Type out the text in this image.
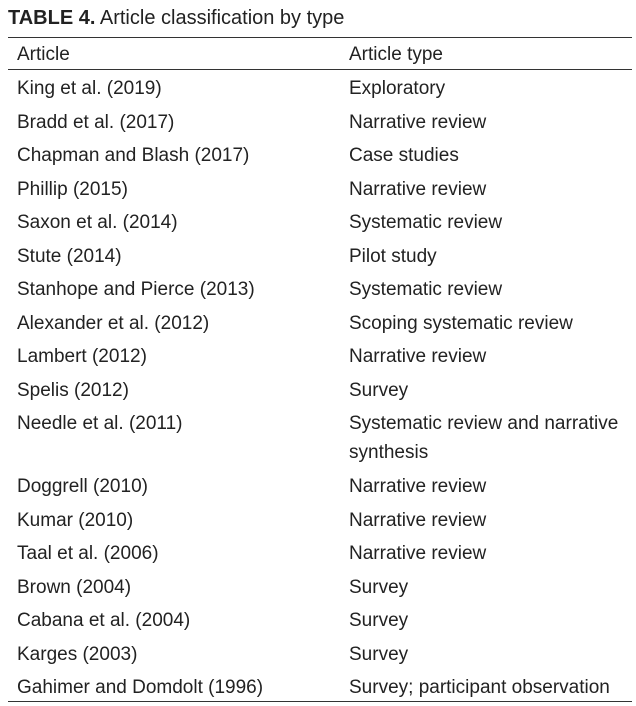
TABLE 4. Article classification by type
Article	Article type
King et al. (2019)	Exploratory
Bradd et al. (2017)	Narrative review
Chapman and Blash (2017)	Case studies
Phillip (2015)	Narrative review
Saxon et al. (2014)	Systematic review
Stute (2014)	Pilot study
Stanhope and Pierce (2013)	Systematic review
Alexander et al. (2012)	Scoping systematic review
Lambert (2012)	Narrative review
Spelis (2012)	Survey
Needle et al. (2011)	Systematic review and narrative synthesis
Doggrell (2010)	Narrative review
Kumar (2010)	Narrative review
Taal et al. (2006)	Narrative review
Brown (2004)	Survey
Cabana et al. (2004)	Survey
Karges (2003)	Survey
Gahimer and Domdolt (1996)	Survey; participant observation
